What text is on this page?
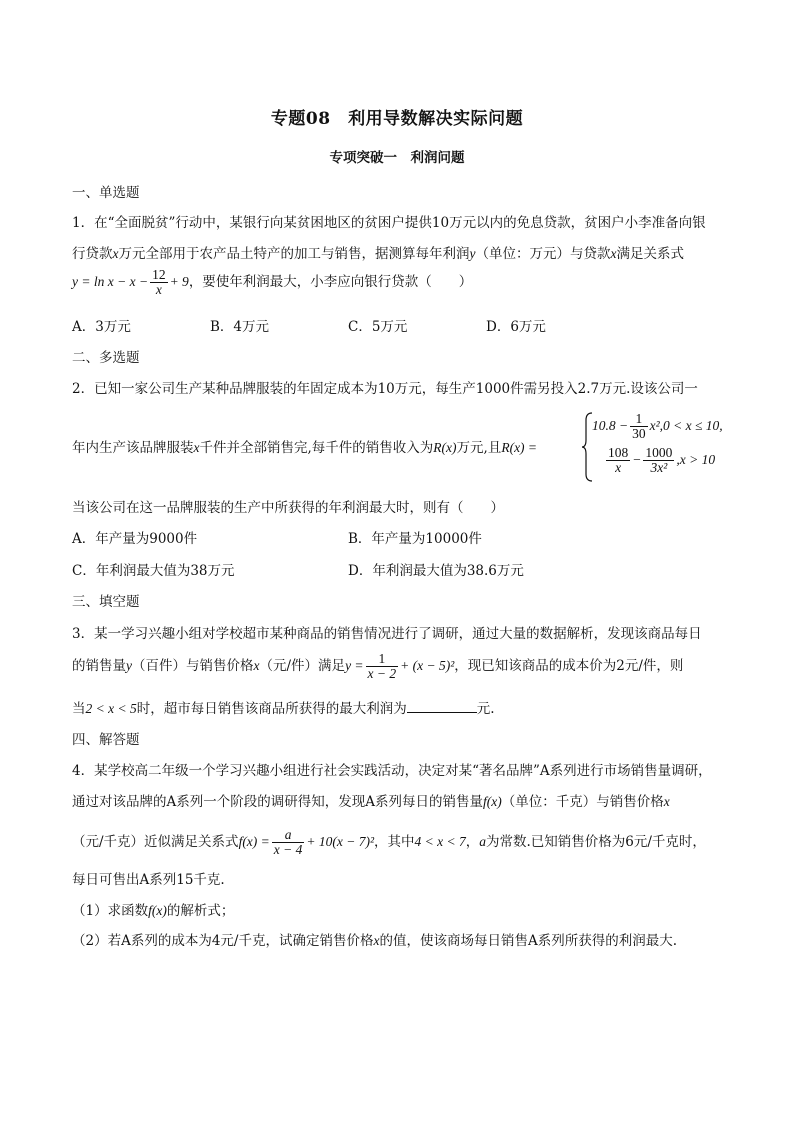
专题08　利用导数解决实际问题
专项突破一　利润问题
一、单选题
1．在“全面脱贫”行动中，某银行向某贫困地区的贫困户提供10万元以内的免息贷款，贫困户小李准备向银
行贷款x万元全部用于农产品土特产的加工与销售，据测算每年利润y（单位：万元）与贷款x满足关系式
$y = \ln x - x - \frac{12}{x} + 9$，要使年利润最大，小李应向银行贷款（　　）
A．3万元	B．4万元	C．5万元	D．6万元
二、多选题
2．已知一家公司生产某种品牌服装的年固定成本为10万元，每生产1000件需另投入2.7万元.设该公司一
年内生产该品牌服装x千件并全部销售完,每千件的销售收入为R(x)万元,且R(x) =
$10.8 - \frac{1}{30} x^2,0 < x \le 10$,
$\frac{108}{x} - \frac{1000}{\text{3x²}} ,x > 10$
当该公司在这一品牌服装的生产中所获得的年利润最大时，则有（　　）
A．年产量为9000件	B．年产量为10000件
C．年利润最大值为38万元	D．年利润最大值为38.6万元
三、填空题
3．某一学习兴趣小组对学校超市某种商品的销售情况进行了调研，通过大量的数据解析，发现该商品每日
的销售量y（百件）与销售价格x（元/件）满足$y = \frac{1}{x - 2} + (x - 5)^2$，现已知该商品的成本价为2元/件，则
当2 < x < 5时，超市每日销售该商品所获得的最大利润为	元.
四、解答题
4．某学校高二年级一个学习兴趣小组进行社会实践活动，决定对某“著名品牌”A系列进行市场销售量调研，
通过对该品牌的A系列一个阶段的调研得知，发现A系列每日的销售量f(x)（单位：千克）与销售价格x
（元/千克）近似满足关系式$f(x) = \frac{a}{x - 4} + 10(x - 7)^2$，其中4 < x < 7，a为常数.已知销售价格为6元/千克时，
每日可售出A系列15千克.
（1）求函数f(x)的解析式；
（2）若A系列的成本为4元/千克，试确定销售价格x的值，使该商场每日销售A系列所获得的利润最大.
